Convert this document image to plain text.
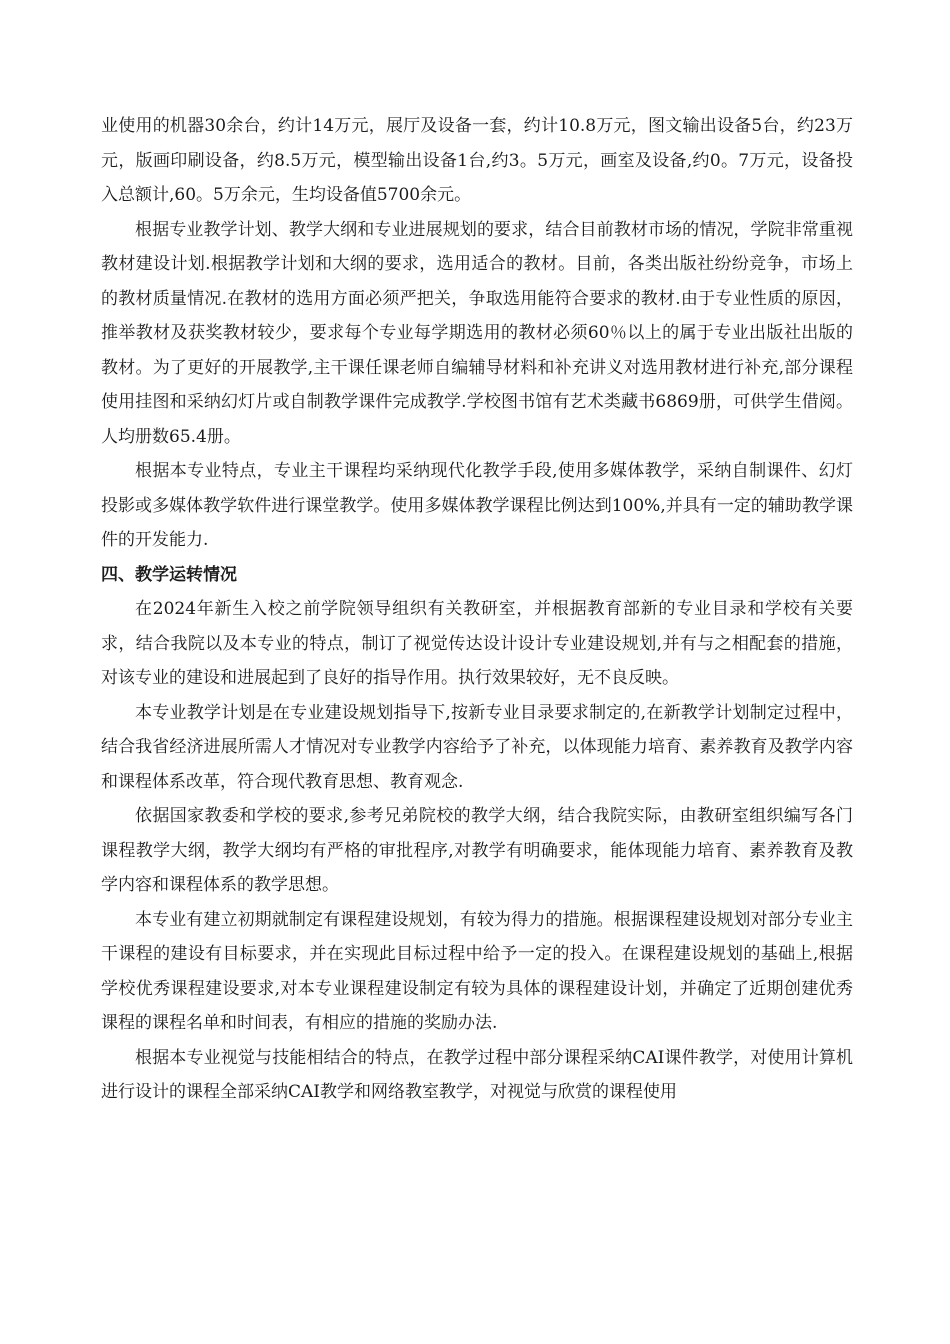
业使用的机器30余台，约计14万元，展厅及设备一套，约计10.8万元，图文输出设备5台，约23万元，版画印刷设备，约8.5万元，模型输出设备1台,约3。5万元，画室及设备,约0。7万元，设备投入总额计,60。5万余元，生均设备值5700余元。

根据专业教学计划、教学大纲和专业进展规划的要求，结合目前教材市场的情况，学院非常重视教材建设计划.根据教学计划和大纲的要求，选用适合的教材。目前，各类出版社纷纷竞争，市场上的教材质量情况.在教材的选用方面必须严把关，争取选用能符合要求的教材.由于专业性质的原因，推举教材及获奖教材较少，要求每个专业每学期选用的教材必须60％以上的属于专业出版社出版的教材。为了更好的开展教学,主干课任课老师自编辅导材料和补充讲义对选用教材进行补充,部分课程使用挂图和采纳幻灯片或自制教学课件完成教学.学校图书馆有艺术类藏书6869册，可供学生借阅。人均册数65.4册。

根据本专业特点，专业主干课程均采纳现代化教学手段,使用多媒体教学，采纳自制课件、幻灯投影或多媒体教学软件进行课堂教学。使用多媒体教学课程比例达到100%,并具有一定的辅助教学课件的开发能力.

四、教学运转情况

在2024年新生入校之前学院领导组织有关教研室，并根据教育部新的专业目录和学校有关要求，结合我院以及本专业的特点，制订了视觉传达设计设计专业建设规划,并有与之相配套的措施，对该专业的建设和进展起到了良好的指导作用。执行效果较好，无不良反映。

本专业教学计划是在专业建设规划指导下,按新专业目录要求制定的,在新教学计划制定过程中，结合我省经济进展所需人才情况对专业教学内容给予了补充，以体现能力培育、素养教育及教学内容和课程体系改革，符合现代教育思想、教育观念.

依据国家教委和学校的要求,参考兄弟院校的教学大纲，结合我院实际，由教研室组织编写各门课程教学大纲，教学大纲均有严格的审批程序,对教学有明确要求，能体现能力培育、素养教育及教学内容和课程体系的教学思想。

本专业有建立初期就制定有课程建设规划，有较为得力的措施。根据课程建设规划对部分专业主干课程的建设有目标要求，并在实现此目标过程中给予一定的投入。在课程建设规划的基础上,根据学校优秀课程建设要求,对本专业课程建设制定有较为具体的课程建设计划，并确定了近期创建优秀课程的课程名单和时间表，有相应的措施的奖励办法.

根据本专业视觉与技能相结合的特点，在教学过程中部分课程采纳CAI课件教学，对使用计算机进行设计的课程全部采纳CAI教学和网络教室教学，对视觉与欣赏的课程使用
